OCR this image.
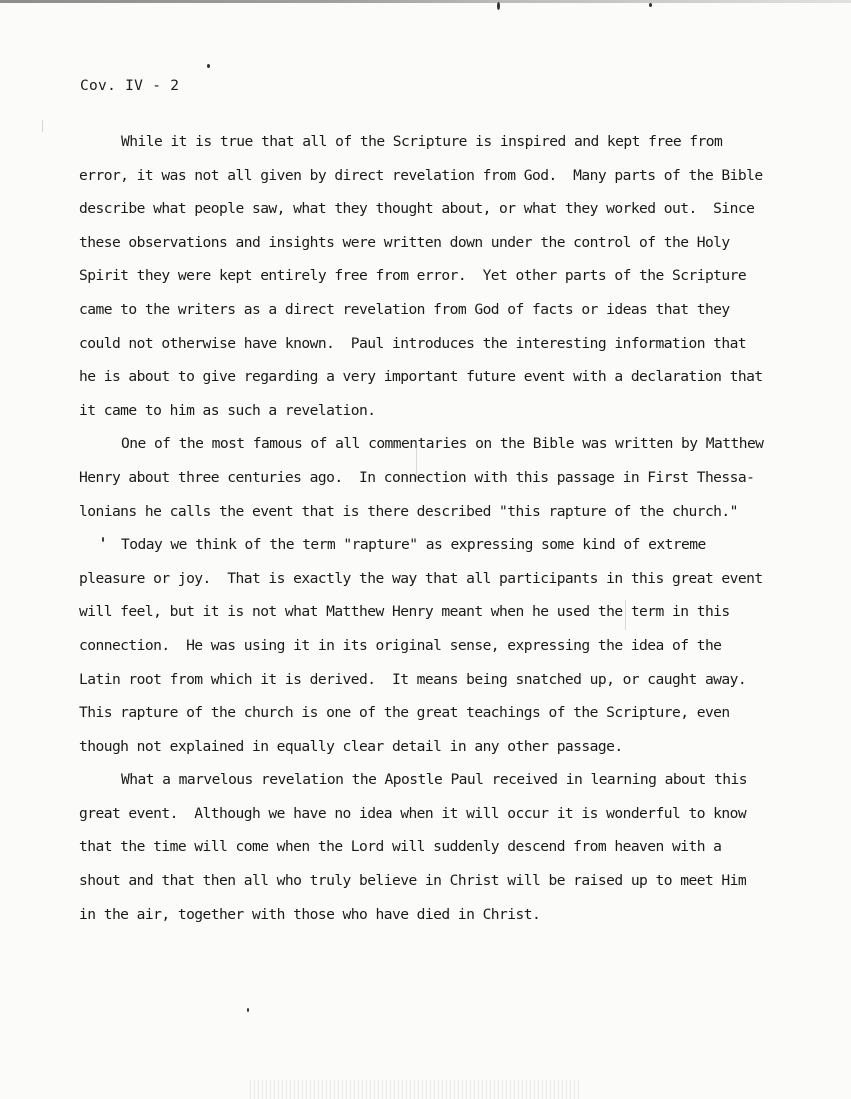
Cov. IV - 2
While it is true that all of the Scripture is inspired and kept free from
error, it was not all given by direct revelation from God.  Many parts of the Bible
describe what people saw, what they thought about, or what they worked out.  Since
these observations and insights were written down under the control of the Holy
Spirit they were kept entirely free from error.  Yet other parts of the Scripture
came to the writers as a direct revelation from God of facts or ideas that they
could not otherwise have known.  Paul introduces the interesting information that
he is about to give regarding a very important future event with a declaration that
it came to him as such a revelation.
One of the most famous of all commentaries on the Bible was written by Matthew
Henry about three centuries ago.  In connection with this passage in First Thessa-
lonians he calls the event that is there described "this rapture of the church."
Today we think of the term "rapture" as expressing some kind of extreme
pleasure or joy.  That is exactly the way that all participants in this great event
will feel, but it is not what Matthew Henry meant when he used the term in this
connection.  He was using it in its original sense, expressing the idea of the
Latin root from which it is derived.  It means being snatched up, or caught away.
This rapture of the church is one of the great teachings of the Scripture, even
though not explained in equally clear detail in any other passage.
What a marvelous revelation the Apostle Paul received in learning about this
great event.  Although we have no idea when it will occur it is wonderful to know
that the time will come when the Lord will suddenly descend from heaven with a
shout and that then all who truly believe in Christ will be raised up to meet Him
in the air, together with those who have died in Christ.
